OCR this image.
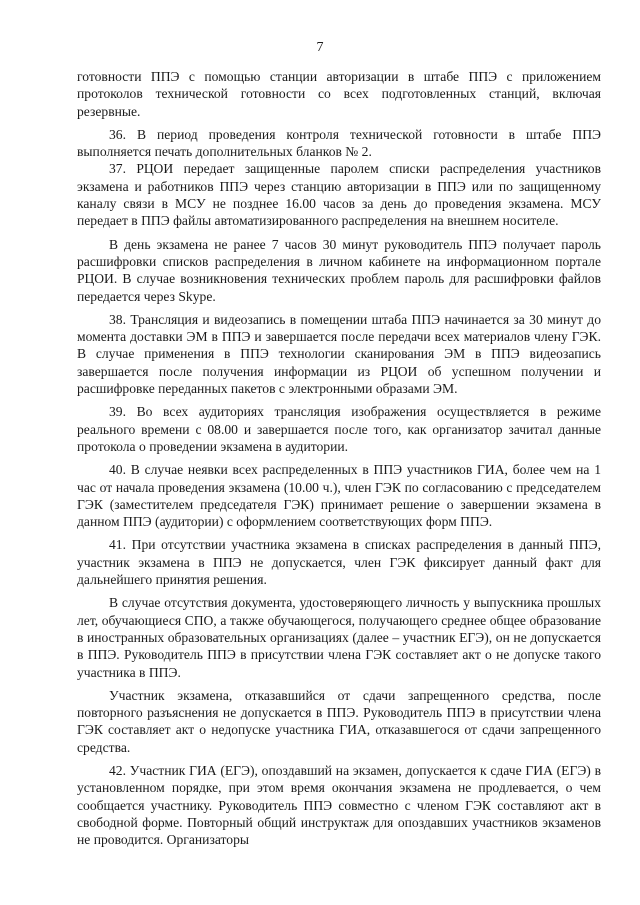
7

готовности ППЭ с помощью станции авторизации в штабе ППЭ с приложением протоколов технической готовности со всех подготовленных станций, включая резервные.

36. В период проведения контроля технической готовности в штабе ППЭ выполняется печать дополнительных бланков № 2.

37. РЦОИ передает защищенные паролем списки распределения участников экзамена и работников ППЭ через станцию авторизации в ППЭ или по защищенному каналу связи в МСУ не позднее 16.00 часов за день до проведения экзамена. МСУ передает в ППЭ файлы автоматизированного распределения на внешнем носителе.

В день экзамена не ранее 7 часов 30 минут руководитель ППЭ получает пароль расшифровки списков распределения в личном кабинете на информационном портале РЦОИ. В случае возникновения технических проблем пароль для расшифровки файлов передается через Skype.

38. Трансляция и видеозапись в помещении штаба ППЭ начинается за 30 минут до момента доставки ЭМ в ППЭ и завершается после передачи всех материалов члену ГЭК. В случае применения в ППЭ технологии сканирования ЭМ в ППЭ видеозапись завершается после получения информации из РЦОИ об успешном получении и расшифровке переданных пакетов с электронными образами ЭМ.

39. Во всех аудиториях трансляция изображения осуществляется в режиме реального времени с 08.00 и завершается после того, как организатор зачитал данные протокола о проведении экзамена в аудитории.

40. В случае неявки всех распределенных в ППЭ участников ГИА, более чем на 1 час от начала проведения экзамена (10.00 ч.), член ГЭК по согласованию с председателем ГЭК (заместителем председателя ГЭК) принимает решение о завершении экзамена в данном ППЭ (аудитории) с оформлением соответствующих форм ППЭ.

41. При отсутствии участника экзамена в списках распределения в данный ППЭ, участник экзамена в ППЭ не допускается, член ГЭК фиксирует данный факт для дальнейшего принятия решения.

В случае отсутствия документа, удостоверяющего личность у выпускника прошлых лет, обучающиеся СПО, а также обучающегося, получающего среднее общее образование в иностранных образовательных организациях (далее – участник ЕГЭ), он не допускается в ППЭ. Руководитель ППЭ в присутствии члена ГЭК составляет акт о не допуске такого участника в ППЭ.

Участник экзамена, отказавшийся от сдачи запрещенного средства, после повторного разъяснения не допускается в ППЭ. Руководитель ППЭ в присутствии члена ГЭК составляет акт о недопуске участника ГИА, отказавшегося от сдачи запрещенного средства.

42. Участник ГИА (ЕГЭ), опоздавший на экзамен, допускается к сдаче ГИА (ЕГЭ) в установленном порядке, при этом время окончания экзамена не продлевается, о чем сообщается участнику. Руководитель ППЭ совместно с членом ГЭК составляют акт в свободной форме. Повторный общий инструктаж для опоздавших участников экзаменов не проводится. Организаторы
